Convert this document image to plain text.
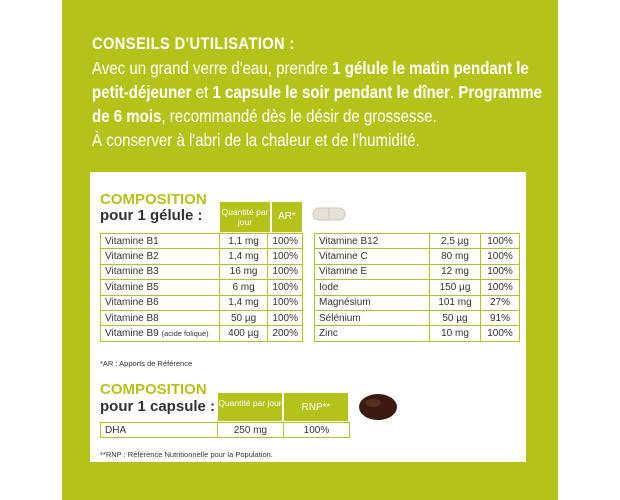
CONSEILS D'UTILISATION :
Avec un grand verre d'eau, prendre 1 gélule le matin pendant le petit-déjeuner et 1 capsule le soir pendant le dîner. Programme de 6 mois, recommandé dès le désir de grossesse.
À conserver à l'abri de la chaleur et de l'humidité.
COMPOSITION
pour 1 gélule : Quantité par jour	AR*
Vitamine B1	1,1 mg	100%
Vitamine B2	1,4 mg	100%
Vitamine B3	16 mg	100%
Vitamine B5	6 mg	100%
Vitamine B6	1,4 mg	100%
Vitamine B8	50 µg	100%
Vitamine B9 (acide folique)	400 µg	200%
Vitamine B12	2,5 µg	100%
Vitamine C	80 mg	100%
Vitamine E	12 mg	100%
Iode	150 µg	100%
Magnésium	101 mg	27%
Sélénium	50 µg	91%
Zinc	10 mg	100%
*AR : Apports de Référence
COMPOSITION
pour 1 capsule : Quantité par jour	RNP**
DHA	250 mg	100%
**RNP : Référence Nutritionnelle pour la Population.
